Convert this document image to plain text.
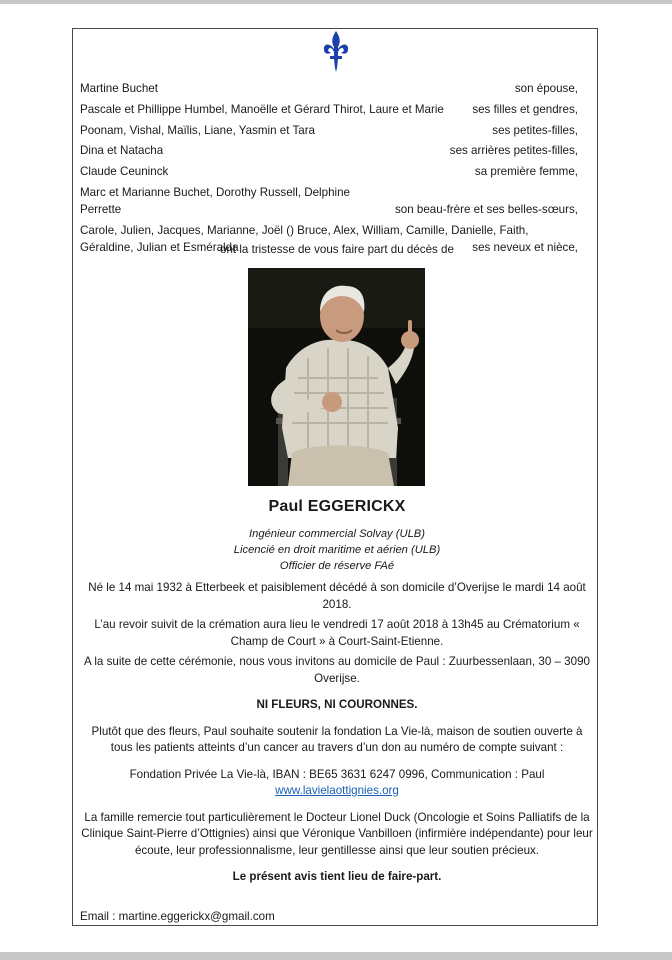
Martine Buchet	son épouse,
Pascale et Phillippe Humbel, Manoëlle et Gérard Thirot, Laure et Marie	ses filles et gendres,
Poonam, Vishal, Maïlis, Liane, Yasmin et Tara	ses petites-filles,
Dina et Natacha	ses arrières petites-filles,
Claude Ceuninck	sa première femme,
Marc et Marianne Buchet, Dorothy Russell, Delphine Perrette	son beau-frère et ses belles-sœurs,
Carole, Julien, Jacques, Marianne, Joël () Bruce, Alex, William, Camille, Danielle, Faith, Géraldine, Julian et Esméralda	ses neveux et nièce,
ont la tristesse de vous faire part du décès de
Paul EGGERICKX
Ingénieur commercial Solvay (ULB)
Licencié en droit maritime et aérien (ULB)
Officier de réserve FAé

Né le 14 mai 1932 à Etterbeek et paisiblement décédé à son domicile d’Overijse le mardi 14 août 2018.

L’au revoir suivit de la crémation aura lieu le vendredi 17 août 2018 à 13h45 au Crématorium « Champ de Court » à Court-Saint-Etienne.

A la suite de cette cérémonie, nous vous invitons au domicile de Paul : Zuurbessenlaan, 30 – 3090 Overijse.

NI FLEURS, NI COURONNES.

Plutôt que des fleurs, Paul souhaite soutenir la fondation La Vie-là, maison de soutien ouverte à tous les patients atteints d’un cancer au travers d’un don au numéro de compte suivant :

Fondation Privée La Vie-là, IBAN : BE65 3631 6247 0996, Communication : Paul

www.lavielaottignies.org

La famille remercie tout particulièrement le Docteur Lionel Duck (Oncologie et Soins Palliatifs de la Clinique Saint-Pierre d’Ottignies) ainsi que Véronique Vanbilloen (infirmière indépendante) pour leur écoute, leur professionnalisme, leur gentillesse ainsi que leur soutien précieux.

Le présent avis tient lieu de faire-part.

Email : martine.eggerickx@gmail.com
